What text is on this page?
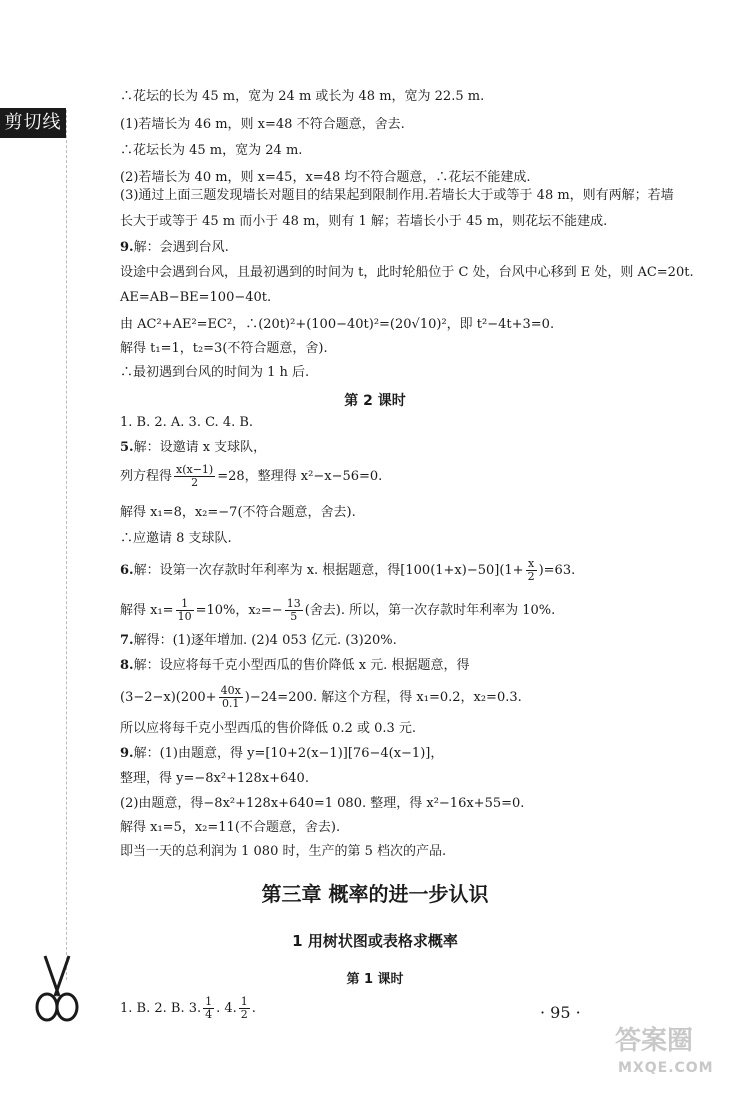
剪切线
∴花坛的长为 45 m，宽为 24 m 或长为 48 m，宽为 22.5 m.
(1)若墙长为 46 m，则 x=48 不符合题意，舍去.
∴花坛长为 45 m，宽为 24 m.
(2)若墙长为 40 m，则 x=45，x=48 均不符合题意，∴花坛不能建成.
(3)通过上面三题发现墙长对题目的结果起到限制作用.若墙长大于或等于 48 m，则有两解；若墙
长大于或等于 45 m 而小于 48 m，则有 1 解；若墙长小于 45 m，则花坛不能建成.
9.解：会遇到台风.
设途中会遇到台风，且最初遇到的时间为 t，此时轮船位于 C 处，台风中心移到 E 处，则 AC=20t.
AE=AB−BE=100−40t.
由 AC²+AE²=EC²，∴(20t)²+(100−40t)²=(20√10)²，即 t²−4t+3=0.
解得 t₁=1，t₂=3(不符合题意，舍).
∴最初遇到台风的时间为 1 h 后.
第 2 课时
1. B. 2. A. 3. C. 4. B.
5.解：设邀请 x 支球队，
列方程得 $\frac{x(x-1)}{2} =28$，整理得 x²−x−56=0.
解得 x₁=8，x₂=−7(不符合题意，舍去).
∴应邀请 8 支球队.
6.解：设第一次存款时年利率为 x. 根据题意，得$[100(1+x)-50](1+ \frac{x}{2} )=63$.
解得 $x_1= \frac{1}{10} =10\%$，$x_2=- \frac{13}{5}$ (舍去). 所以，第一次存款时年利率为 10%.
7.解得：(1)逐年增加. (2)4 053 亿元. (3)20%.
8.解：设应将每千克小型西瓜的售价降低 x 元. 根据题意，得
$(3-2-x)(200+ \frac{40x}{0.1} )-24=200$. 解这个方程，得 x₁=0.2，x₂=0.3.
所以应将每千克小型西瓜的售价降低 0.2 或 0.3 元.
9.解：(1)由题意，得 y=[10+2(x−1)][76−4(x−1)]，
整理，得 y=−8x²+128x+640.
(2)由题意，得−8x²+128x+640=1 080. 整理，得 x²−16x+55=0.
解得 x₁=5，x₂=11(不合题意，舍去).
即当一天的总利润为 1 080 时，生产的第 5 档次的产品.
第三章 概率的进一步认识
1 用树状图或表格求概率
第 1 课时
1. B. 2. B. 3. $\frac{1}{4}$ . 4. $\frac{1}{2}$ .	· 95 ·
答案圈
MXQE.COM
